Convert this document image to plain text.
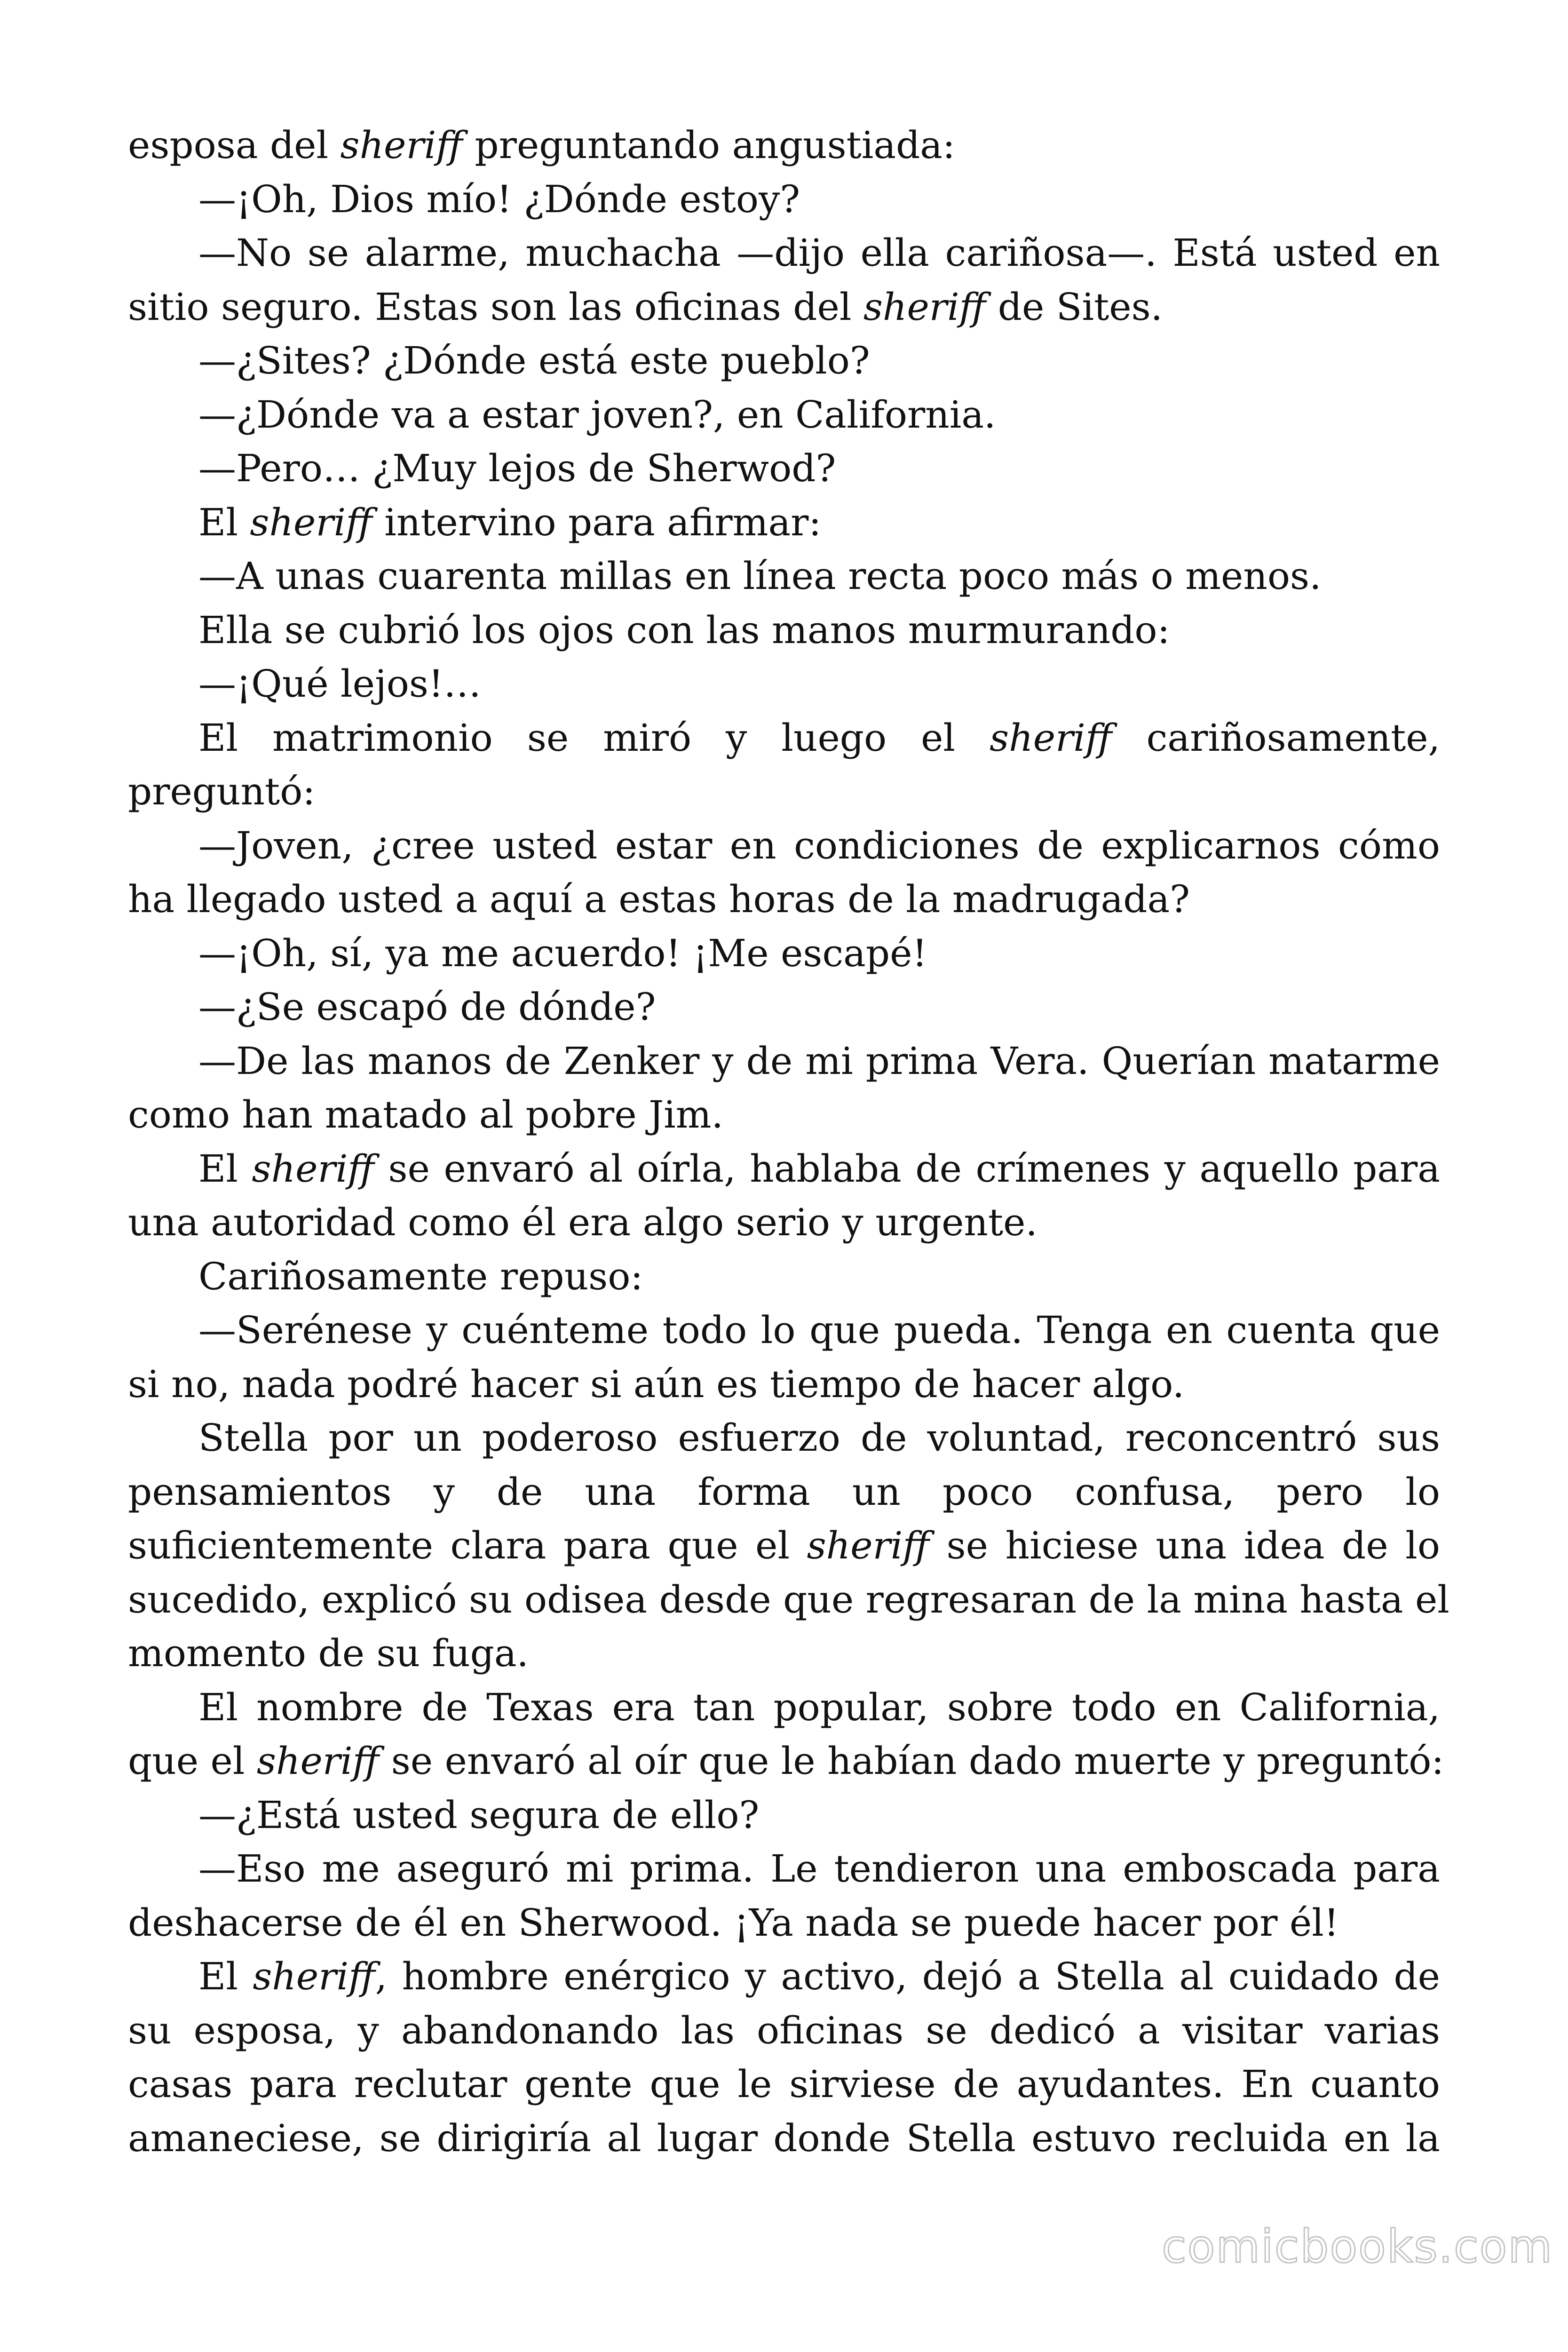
esposa del sheriff preguntando angustiada:
—¡Oh, Dios mío! ¿Dónde estoy?
—No se alarme, muchacha —dijo ella cariñosa—. Está usted en
sitio seguro. Estas son las oficinas del sheriff de Sites.
—¿Sites? ¿Dónde está este pueblo?
—¿Dónde va a estar joven?, en California.
—Pero… ¿Muy lejos de Sherwod?
El sheriff intervino para afirmar:
—A unas cuarenta millas en línea recta poco más o menos.
Ella se cubrió los ojos con las manos murmurando:
—¡Qué lejos!…
El matrimonio se miró y luego el sheriff cariñosamente,
preguntó:
—Joven, ¿cree usted estar en condiciones de explicarnos cómo
ha llegado usted a aquí a estas horas de la madrugada?
—¡Oh, sí, ya me acuerdo! ¡Me escapé!
—¿Se escapó de dónde?
—De las manos de Zenker y de mi prima Vera. Querían matarme
como han matado al pobre Jim.
El sheriff se envaró al oírla, hablaba de crímenes y aquello para
una autoridad como él era algo serio y urgente.
Cariñosamente repuso:
—Serénese y cuénteme todo lo que pueda. Tenga en cuenta que
si no, nada podré hacer si aún es tiempo de hacer algo.
Stella por un poderoso esfuerzo de voluntad, reconcentró sus
pensamientos y de una forma un poco confusa, pero lo
suficientemente clara para que el sheriff se hiciese una idea de lo
sucedido, explicó su odisea desde que regresaran de la mina hasta el
momento de su fuga.
El nombre de Texas era tan popular, sobre todo en California,
que el sheriff se envaró al oír que le habían dado muerte y preguntó:
—¿Está usted segura de ello?
—Eso me aseguró mi prima. Le tendieron una emboscada para
deshacerse de él en Sherwood. ¡Ya nada se puede hacer por él!
El sheriff, hombre enérgico y activo, dejó a Stella al cuidado de
su esposa, y abandonando las oficinas se dedicó a visitar varias
casas para reclutar gente que le sirviese de ayudantes. En cuanto
amaneciese, se dirigiría al lugar donde Stella estuvo recluida en la
comicbooks.com
